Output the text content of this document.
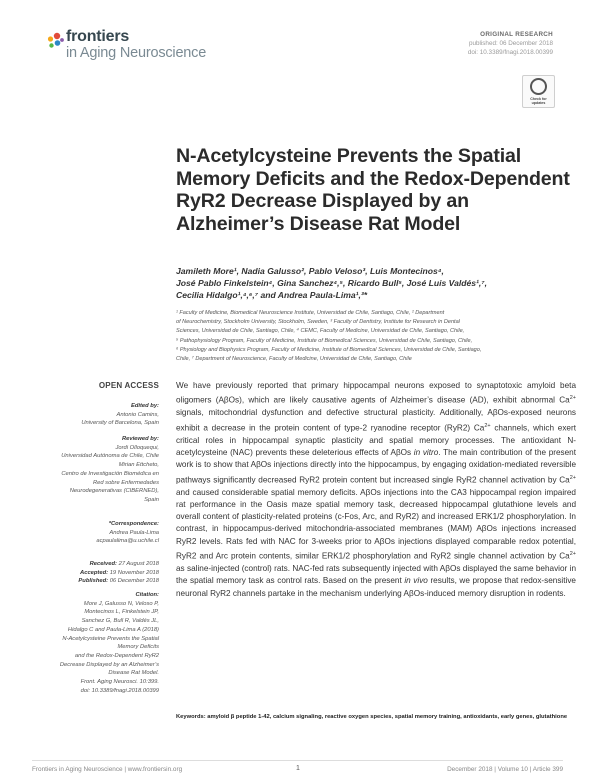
frontiers
in Aging Neuroscience
ORIGINAL RESEARCH
published: 06 December 2018
doi: 10.3389/fnagi.2018.00399
Check for
updates
N-Acetylcysteine Prevents the Spatial Memory Deficits and the Redox-Dependent RyR2 Decrease Displayed by an Alzheimer’s Disease Rat Model
Jamileth More¹, Nadia Galusso², Pablo Veloso³, Luis Montecinos⁴,
José Pablo Finkelstein⁴, Gina Sanchez⁴,⁵, Ricardo Bull⁵, José Luis Valdés¹,⁷,
Cecilia Hidalgo¹,⁴,⁶,⁷ and Andrea Paula-Lima¹,³*
¹ Faculty of Medicine, Biomedical Neuroscience Institute, Universidad de Chile, Santiago, Chile, ² Department
of Neurochemistry, Stockholm University, Stockholm, Sweden, ³ Faculty of Dentistry, Institute for Research in Dental
Sciences, Universidad de Chile, Santiago, Chile, ⁴ CEMC, Faculty of Medicine, Universidad de Chile, Santiago, Chile,
⁵ Pathophysiology Program, Faculty of Medicine, Institute of Biomedical Sciences, Universidad de Chile, Santiago, Chile,
⁶ Physiology and Biophysics Program, Faculty of Medicine, Institute of Biomedical Sciences, Universidad de Chile, Santiago,
Chile, ⁷ Department of Neuroscience, Faculty of Medicine, Universidad de Chile, Santiago, Chile
OPEN ACCESS
Edited by:
Antonio Camins,
University of Barcelona, Spain
Reviewed by:
Jordi Olloquequi,
Universidad Autónoma de Chile, Chile
Mirian Ettcheto,
Centro de Investigación Biomédica en
Red sobre Enfermedades
Neurodegenerativas (CIBERNED),
Spain
*Correspondence:
Andrea Paula-Lima
acpaulalima@u.uchile.cl
Received: 27 August 2018
Accepted: 19 November 2018
Published: 06 December 2018
Citation:
More J, Galusso N, Veloso P,
Montecinos L, Finkelstein JP,
Sanchez G, Bull R, Valdés JL,
Hidalgo C and Paula-Lima A (2018)
N-Acetylcysteine Prevents the Spatial
Memory Deficits
and the Redox-Dependent RyR2
Decrease Displayed by an Alzheimer’s
Disease Rat Model.
Front. Aging Neurosci. 10:399.
doi: 10.3389/fnagi.2018.00399
We have previously reported that primary hippocampal neurons exposed to synaptotoxic amyloid beta oligomers (AβOs), which are likely causative agents of Alzheimer’s disease (AD), exhibit abnormal $Ca^{2+}$ signals, mitochondrial dysfunction and defective structural plasticity. Additionally, AβOs-exposed neurons exhibit a decrease in the protein content of type-2 ryanodine receptor (RyR2) $Ca^{2+}$ channels, which exert critical roles in hippocampal synaptic plasticity and spatial memory processes. The antioxidant N-acetylcysteine (NAC) prevents these deleterious effects of AβOs in vitro. The main contribution of the present work is to show that AβOs injections directly into the hippocampus, by engaging oxidation-mediated reversible pathways significantly decreased RyR2 protein content but increased single RyR2 channel activation by $Ca^{2+}$ and caused considerable spatial memory deficits. AβOs injections into the CA3 hippocampal region impaired rat performance in the Oasis maze spatial memory task, decreased hippocampal glutathione levels and overall content of plasticity-related proteins (c-Fos, Arc, and RyR2) and increased ERK1/2 phosphorylation. In contrast, in hippocampus-derived mitochondria-associated membranes (MAM) AβOs injections increased RyR2 levels. Rats fed with NAC for 3-weeks prior to AβOs injections displayed comparable redox potential, RyR2 and Arc protein contents, similar ERK1/2 phosphorylation and RyR2 single channel activation by $Ca^{2+}$ as saline-injected (control) rats. NAC-fed rats subsequently injected with AβOs displayed the same behavior in the spatial memory task as control rats. Based on the present in vivo results, we propose that redox-sensitive neuronal RyR2 channels partake in the mechanism underlying AβOs-induced memory disruption in rodents.
Keywords: amyloid β peptide 1-42, calcium signaling, reactive oxygen species, spatial memory training, antioxidants, early genes, glutathione
Frontiers in Aging Neuroscience | www.frontiersin.org	1	December 2018 | Volume 10 | Article 399
